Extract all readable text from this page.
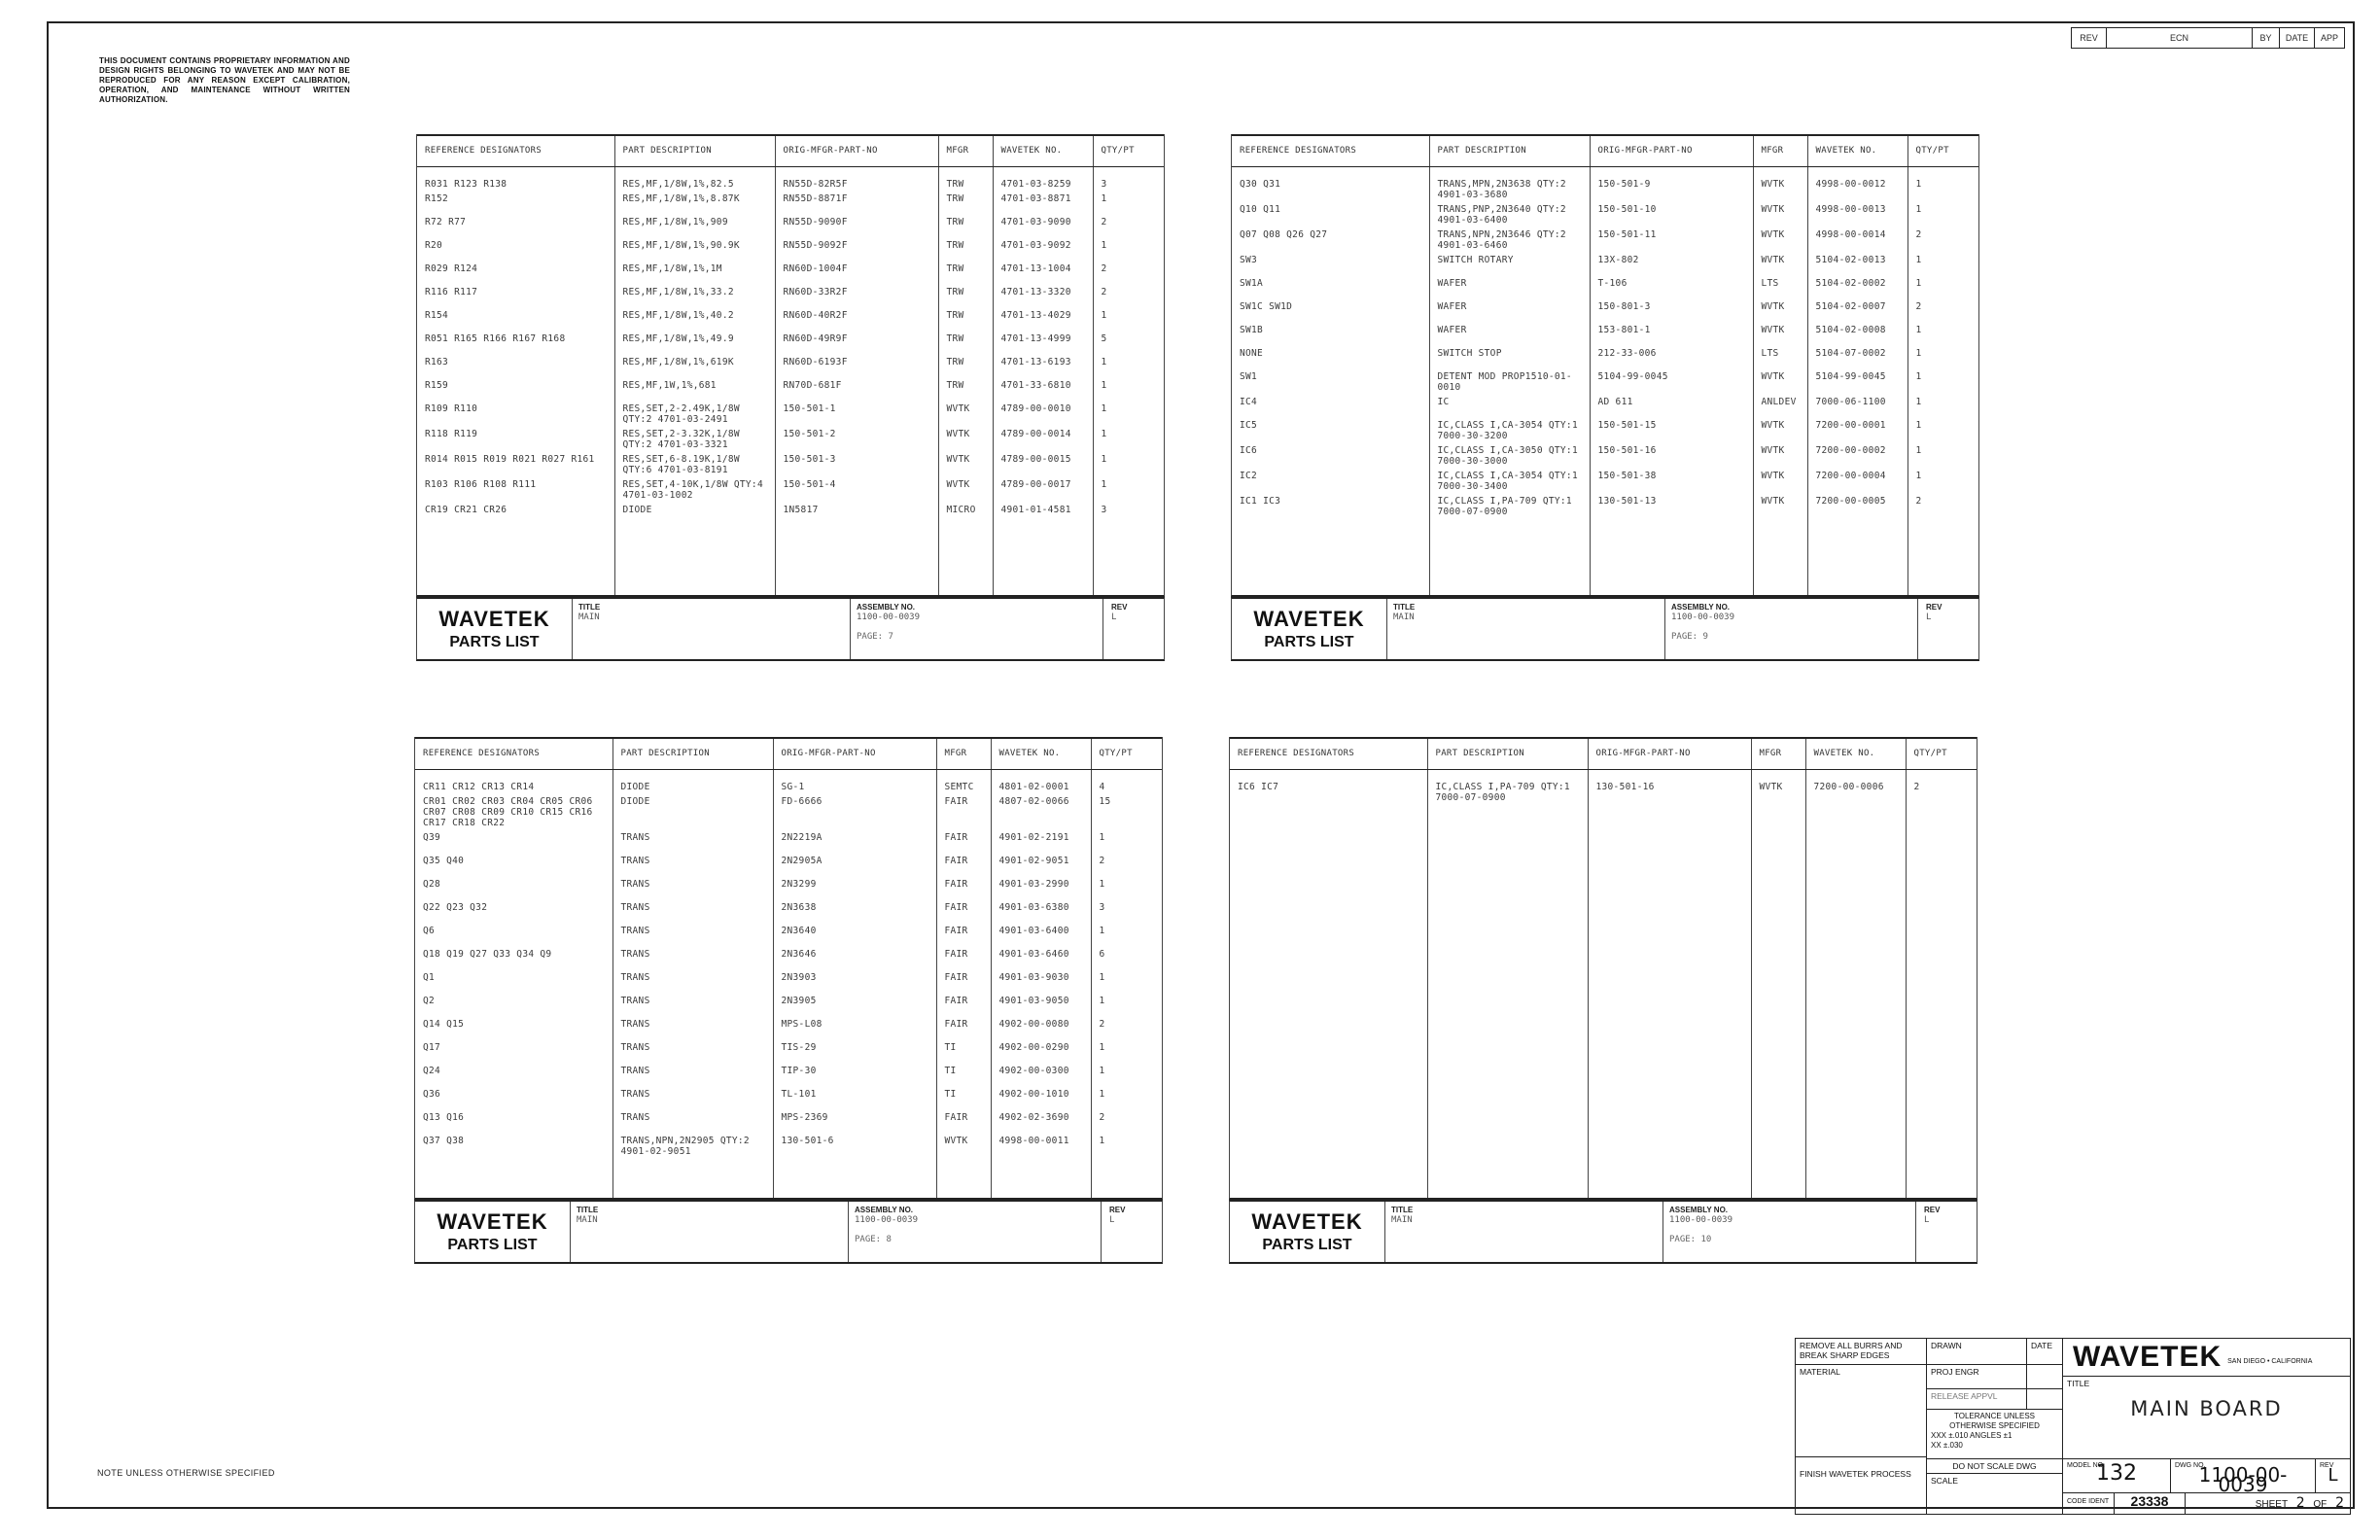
THIS DOCUMENT CONTAINS PROPRIETARY INFORMATION AND DESIGN RIGHTS BELONGING TO WAVETEK AND MAY NOT BE REPRODUCED FOR ANY REASON EXCEPT CALIBRATION, OPERATION, AND MAINTENANCE WITHOUT WRITTEN AUTHORIZATION.
REV	ECN	BY	DATE	APP
REFERENCE DESIGNATORS	PART DESCRIPTION	ORIG-MFGR-PART-NO	MFGR	WAVETEK NO.	QTY/PT
R031 R123 R138	RES,MF,1/8W,1%,82.5	RN55D-82R5F	TRW	4701-03-8259	3
R152	RES,MF,1/8W,1%,8.87K	RN55D-8871F	TRW	4701-03-8871	1
R72 R77	RES,MF,1/8W,1%,909	RN55D-9090F	TRW	4701-03-9090	2
R20	RES,MF,1/8W,1%,90.9K	RN55D-9092F	TRW	4701-03-9092	1
R029 R124	RES,MF,1/8W,1%,1M	RN60D-1004F	TRW	4701-13-1004	2
R116 R117	RES,MF,1/8W,1%,33.2	RN60D-33R2F	TRW	4701-13-3320	2
R154	RES,MF,1/8W,1%,40.2	RN60D-40R2F	TRW	4701-13-4029	1
R051 R165 R166 R167 R168	RES,MF,1/8W,1%,49.9	RN60D-49R9F	TRW	4701-13-4999	5
R163	RES,MF,1/8W,1%,619K	RN60D-6193F	TRW	4701-13-6193	1
R159	RES,MF,1W,1%,681	RN70D-681F	TRW	4701-33-6810	1
R109 R110	RES,SET,2-2.49K,1/8W QTY:2 4701-03-2491	150-501-1	WVTK	4789-00-0010	1
R118 R119	RES,SET,2-3.32K,1/8W QTY:2 4701-03-3321	150-501-2	WVTK	4789-00-0014	1
R014 R015 R019 R021 R027 R161	RES,SET,6-8.19K,1/8W QTY:6 4701-03-8191	150-501-3	WVTK	4789-00-0015	1
R103 R106 R108 R111	RES,SET,4-10K,1/8W QTY:4 4701-03-1002	150-501-4	WVTK	4789-00-0017	1
CR19 CR21 CR26	DIODE	1N5817	MICRO	4901-01-4581	3

WAVETEK
PARTS LIST
TITLE
MAIN
ASSEMBLY NO.
1100-00-0039
PAGE: 7
REV
L
REFERENCE DESIGNATORS	PART DESCRIPTION	ORIG-MFGR-PART-NO	MFGR	WAVETEK NO.	QTY/PT
Q30 Q31	TRANS,MPN,2N3638 QTY:2 4901-03-3680	150-501-9	WVTK	4998-00-0012	1
Q10 Q11	TRANS,PNP,2N3640 QTY:2 4901-03-6400	150-501-10	WVTK	4998-00-0013	1
Q07 Q08 Q26 Q27	TRANS,NPN,2N3646 QTY:2 4901-03-6460	150-501-11	WVTK	4998-00-0014	2
SW3	SWITCH ROTARY	13X-802	WVTK	5104-02-0013	1
SW1A	WAFER	T-106	LTS	5104-02-0002	1
SW1C SW1D	WAFER	150-801-3	WVTK	5104-02-0007	2
SW1B	WAFER	153-801-1	WVTK	5104-02-0008	1
NONE	SWITCH STOP	212-33-006	LTS	5104-07-0002	1
SW1	DETENT MOD PROP1510-01-0010	5104-99-0045	WVTK	5104-99-0045	1
IC4	IC	AD 611	ANLDEV	7000-06-1100	1
IC5	IC,CLASS I,CA-3054 QTY:1 7000-30-3200	150-501-15	WVTK	7200-00-0001	1
IC6	IC,CLASS I,CA-3050 QTY:1 7000-30-3000	150-501-16	WVTK	7200-00-0002	1
IC2	IC,CLASS I,CA-3054 QTY:1 7000-30-3400	150-501-38	WVTK	7200-00-0004	1
IC1 IC3	IC,CLASS I,PA-709 QTY:1 7000-07-0900	130-501-13	WVTK	7200-00-0005	2

WAVETEK
PARTS LIST
TITLE
MAIN
ASSEMBLY NO.
1100-00-0039
PAGE: 9
REV
L
REFERENCE DESIGNATORS	PART DESCRIPTION	ORIG-MFGR-PART-NO	MFGR	WAVETEK NO.	QTY/PT
CR11 CR12 CR13 CR14	DIODE	SG-1	SEMTC	4801-02-0001	4
CR01 CR02 CR03 CR04 CR05 CR06 CR07 CR08 CR09 CR10 CR15 CR16 CR17 CR18 CR22	DIODE	FD-6666	FAIR	4807-02-0066	15
Q39	TRANS	2N2219A	FAIR	4901-02-2191	1
Q35 Q40	TRANS	2N2905A	FAIR	4901-02-9051	2
Q28	TRANS	2N3299	FAIR	4901-03-2990	1
Q22 Q23 Q32	TRANS	2N3638	FAIR	4901-03-6380	3
Q6	TRANS	2N3640	FAIR	4901-03-6400	1
Q18 Q19 Q27 Q33 Q34 Q9	TRANS	2N3646	FAIR	4901-03-6460	6
Q1	TRANS	2N3903	FAIR	4901-03-9030	1
Q2	TRANS	2N3905	FAIR	4901-03-9050	1
Q14 Q15	TRANS	MPS-L08	FAIR	4902-00-0080	2
Q17	TRANS	TIS-29	TI	4902-00-0290	1
Q24	TRANS	TIP-30	TI	4902-00-0300	1
Q36	TRANS	TL-101	TI	4902-00-1010	1
Q13 Q16	TRANS	MPS-2369	FAIR	4902-02-3690	2
Q37 Q38	TRANS,NPN,2N2905 QTY:2 4901-02-9051	130-501-6	WVTK	4998-00-0011	1

WAVETEK
PARTS LIST
TITLE
MAIN
ASSEMBLY NO.
1100-00-0039
PAGE: 8
REV
L
REFERENCE DESIGNATORS	PART DESCRIPTION	ORIG-MFGR-PART-NO	MFGR	WAVETEK NO.	QTY/PT
IC6 IC7	IC,CLASS I,PA-709 QTY:1 7000-07-0900	130-501-16	WVTK	7200-00-0006	2

WAVETEK
PARTS LIST
TITLE
MAIN
ASSEMBLY NO.
1100-00-0039
PAGE: 10
REV
L
NOTE UNLESS OTHERWISE SPECIFIED
REMOVE ALL BURRS AND BREAK SHARP EDGES
MATERIAL
FINISH WAVETEK PROCESS
DRAWN	DATE
PROJ ENGR
RELEASE APPVL
TOLERANCE UNLESS OTHERWISE SPECIFIED
XXX ±.010 ANGLES ±1
XX ±.030
DO NOT SCALE DWG
SCALE
WAVETEK SAN DIEGO • CALIFORNIA
TITLE
MAIN BOARD
MODEL NO.
132	DWG NO.
1100-00-0039
REV
L
CODE IDENT	23338	SHEET 2 OF 2
